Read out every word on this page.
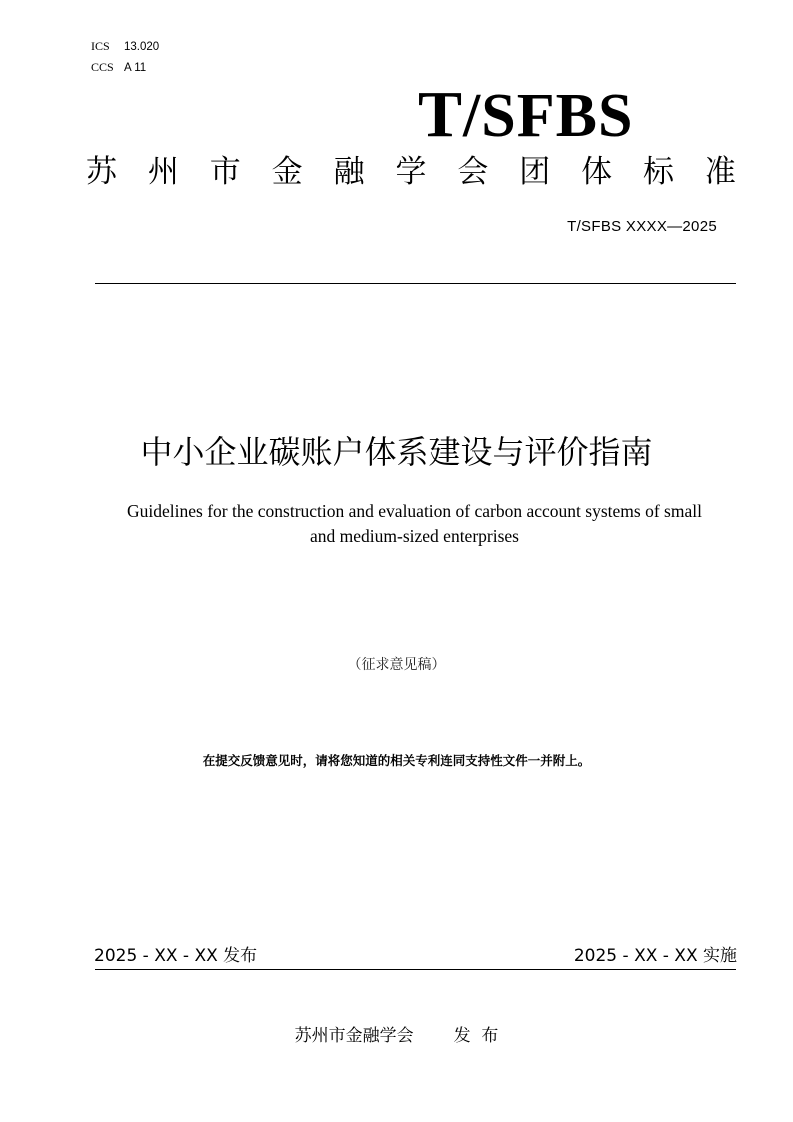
ICS 13.020
CCS A 11
T/SFBS
苏 州 市 金 融 学 会 团 体 标 准
T/SFBS XXXX—2025
中小企业碳账户体系建设与评价指南
Guidelines for the construction and evaluation of carbon account systems of small
and medium-sized enterprises
（征求意见稿）
在提交反馈意见时，请将您知道的相关专利连同支持性文件一并附上。
2025 - XX - XX 发布	2025 - XX - XX 实施
苏州市金融学会 发  布
